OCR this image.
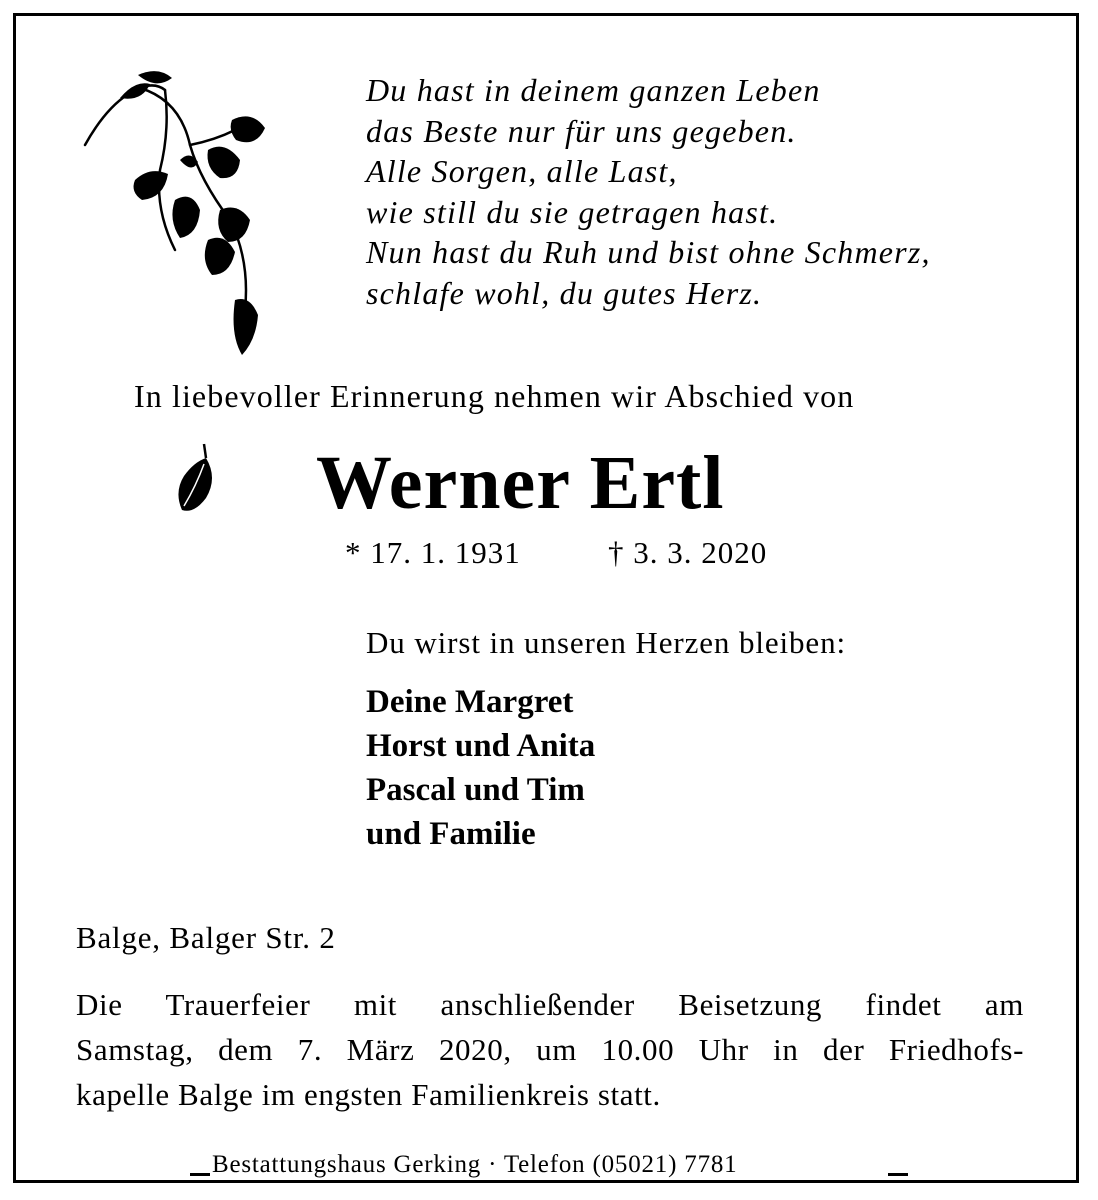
Du hast in deinem ganzen Leben
das Beste nur für uns gegeben.
Alle Sorgen, alle Last,
wie still du sie getragen hast.
Nun hast du Ruh und bist ohne Schmerz,
schlafe wohl, du gutes Herz.
In liebevoller Erinnerung nehmen wir Abschied von
Werner Ertl
* 17. 1. 1931	† 3. 3. 2020
Du wirst in unseren Herzen bleiben:
Deine Margret
Horst und Anita
Pascal und Tim
und Familie
Balge, Balger Str. 2
Die Trauerfeier mit anschließender Beisetzung findet am
Samstag, dem 7. März 2020, um 10.00 Uhr in der Friedhofs-
kapelle Balge im engsten Familienkreis statt.
Bestattungshaus Gerking · Telefon (05021) 7781
